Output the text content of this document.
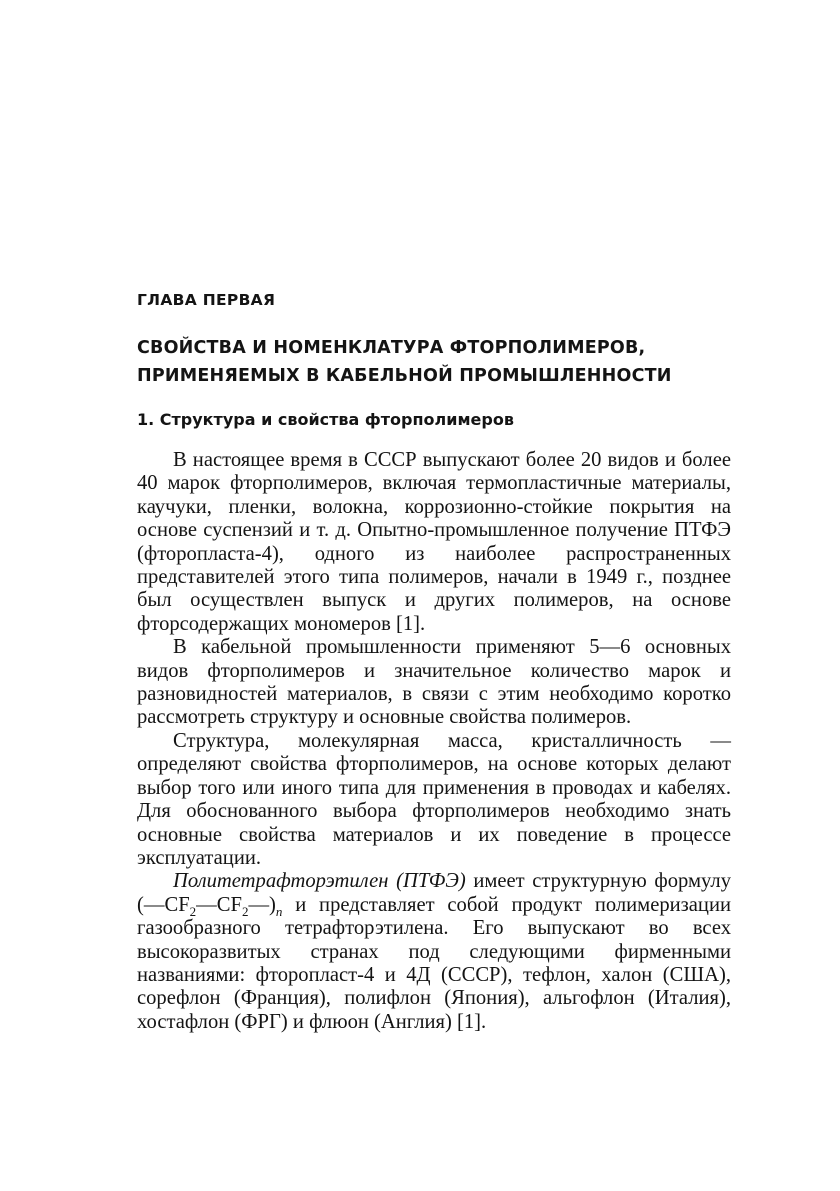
ГЛАВА ПЕРВАЯ
СВОЙСТВА И НОМЕНКЛАТУРА ФТОРПОЛИМЕРОВ,
ПРИМЕНЯЕМЫХ В КАБЕЛЬНОЙ ПРОМЫШЛЕННОСТИ
1. Структура и свойства фторполимеров

В настоящее время в СССР выпускают более 20 видов и более 40 марок фторполимеров, включая термопластичные материалы, каучуки, пленки, волокна, коррозионно-стойкие покрытия на основе суспензий и т. д. Опытно-промышленное получение ПТФЭ (фторопласта-4), одного из наиболее распространенных представителей этого типа полимеров, начали в 1949 г., позднее был осуществлен выпуск и других полимеров, на основе фторсодержащих мономеров [1].

В кабельной промышленности применяют 5—6 основных видов фторполимеров и значительное количество марок и разновидностей материалов, в связи с этим необходимо коротко рассмотреть структуру и основные свойства полимеров.

Структура, молекулярная масса, кристалличность — определяют свойства фторполимеров, на основе которых делают выбор того или иного типа для применения в проводах и кабелях. Для обоснованного выбора фторполимеров необходимо знать основные свойства материалов и их поведение в процессе эксплуатации.

Политетрафторэтилен (ПТФЭ) имеет структурную формулу $(—CF_2—CF_2—)_n$ и представляет собой продукт полимеризации газообразного тетрафторэтилена. Его выпускают во всех высокоразвитых странах под следующими фирменными названиями: фторопласт-4 и 4Д (СССР), тефлон, халон (США), сорефлон (Франция), полифлон (Япония), альгофлон (Италия), хостафлон (ФРГ) и флюон (Англия) [1].
